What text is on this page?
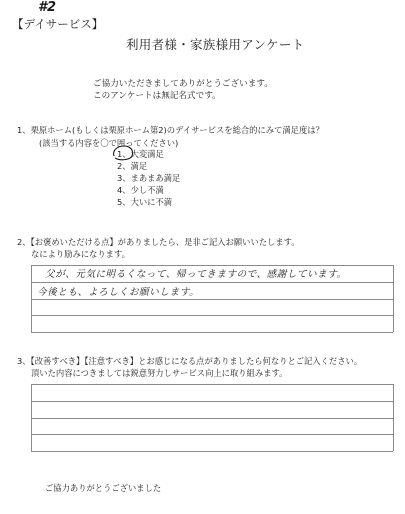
#2
【デイサービス】
利用者様・家族様用アンケート
ご協力いただきましてありがとうございます。
このアンケートは無記名式です。
1、栗原ホーム(もしくは栗原ホーム第2)のデイサービスを総合的にみて満足度は？
(該当する内容を〇で囲ってください)
1、大変満足
2、満足
3、まあまあ満足
4、少し不満
5、大いに不満
2、【お褒めいただける点】がありましたら、是非ご記入お願いいたします。
なにより励みになります。
父が、元気に明るくなって、帰ってきますので、感謝しています。
今後とも、よろしくお願いします。
3、【改善すべき】【注意すべき】とお感じになる点がありましたら何なりとご記入ください。
頂いた内容につきましては鋭意努力しサービス向上に取り組みます。
ご協力ありがとうございました
